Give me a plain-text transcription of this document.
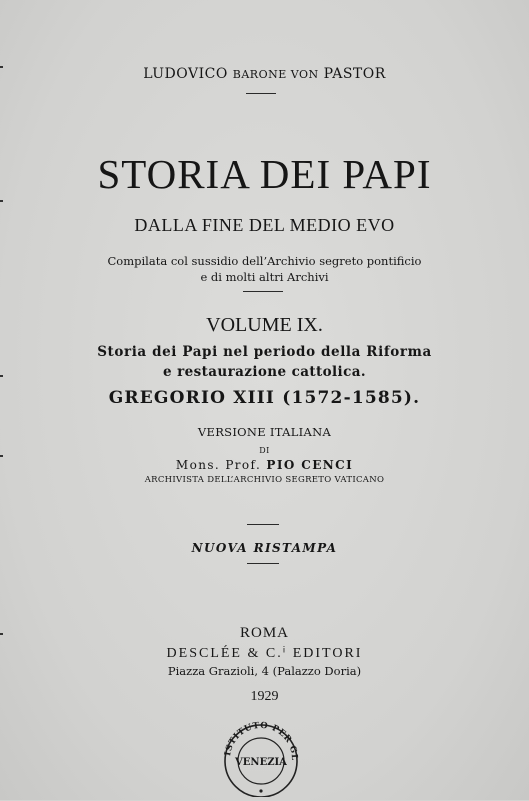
LUDOVICO BARONE VON PASTOR
STORIA DEI PAPI
DALLA FINE DEL MEDIO EVO
Compilata col sussidio dell’Archivio segreto pontificio
e di molti altri Archivi
VOLUME IX.
Storia dei Papi nel periodo della Riforma
e restaurazione cattolica.
GREGORIO XIII (1572-1585).
VERSIONE ITALIANA
DI
Mons. Prof. PIO CENCI
ARCHIVISTA DELL’ARCHIVIO SEGRETO VATICANO
NUOVA RISTAMPA
ROMA
DESCLÉE & C.ⁱ EDITORI
Piazza Grazioli, 4 (Palazzo Doria)
1929
ISTITUTO PER GL
VENEZIA
